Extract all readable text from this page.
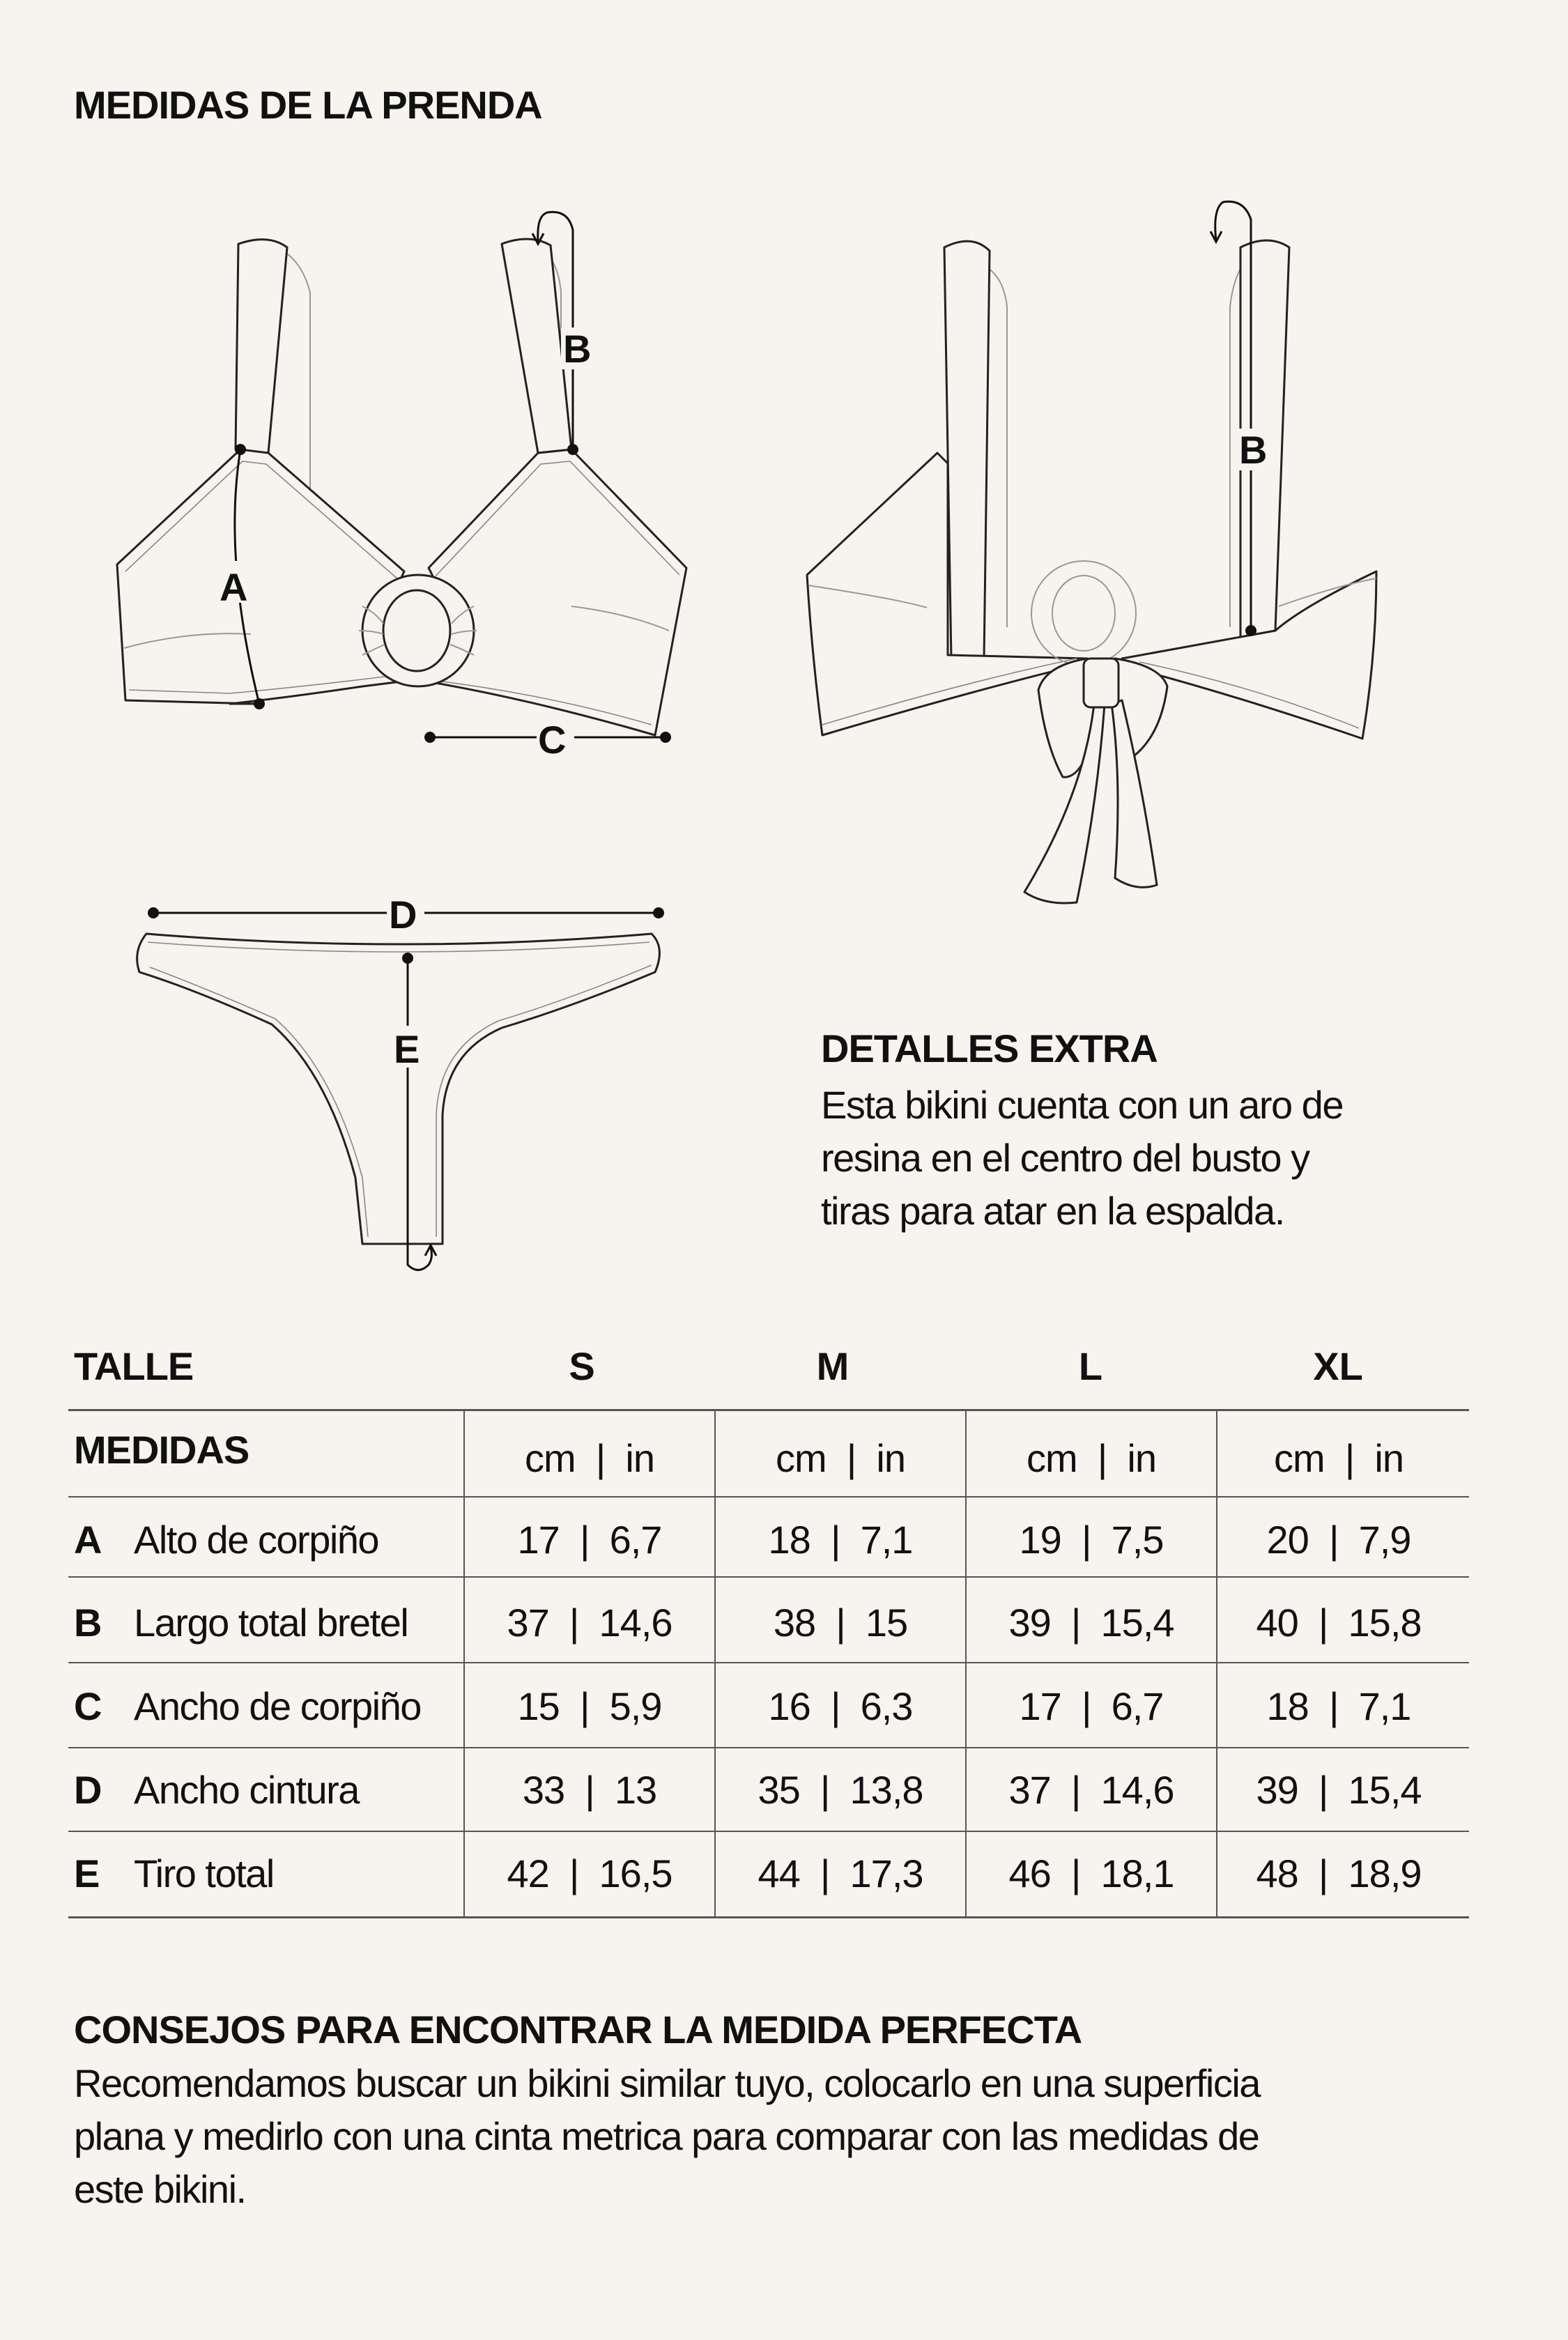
MEDIDAS DE LA PRENDA
A
B
C
B
D
E	DETALLES EXTRA
Esta bikini cuenta con un aro de
resina en el centro del busto y
tiras para atar en la espalda.
TALLE	S	M	L	XL
MEDIDAS	cm  |  in	cm  |  in	cm  |  in	cm  |  in
A Alto de corpiño	17  |  6,7	18  |  7,1	19  |  7,5	20  |  7,9
B Largo total bretel	37  |  14,6	38  |  15	39  |  15,4	40  |  15,8
C Ancho de corpiño	15  |  5,9	16  |  6,3	17  |  6,7	18  |  7,1
D Ancho cintura	33  |  13	35  |  13,8	37  |  14,6	39  |  15,4
E Tiro total	42  |  16,5	44  |  17,3	46  |  18,1	48  |  18,9
CONSEJOS PARA ENCONTRAR LA MEDIDA PERFECTA
Recomendamos buscar un bikini similar tuyo, colocarlo en una superficia
plana y medirlo con una cinta metrica para comparar con las medidas de
este bikini.
